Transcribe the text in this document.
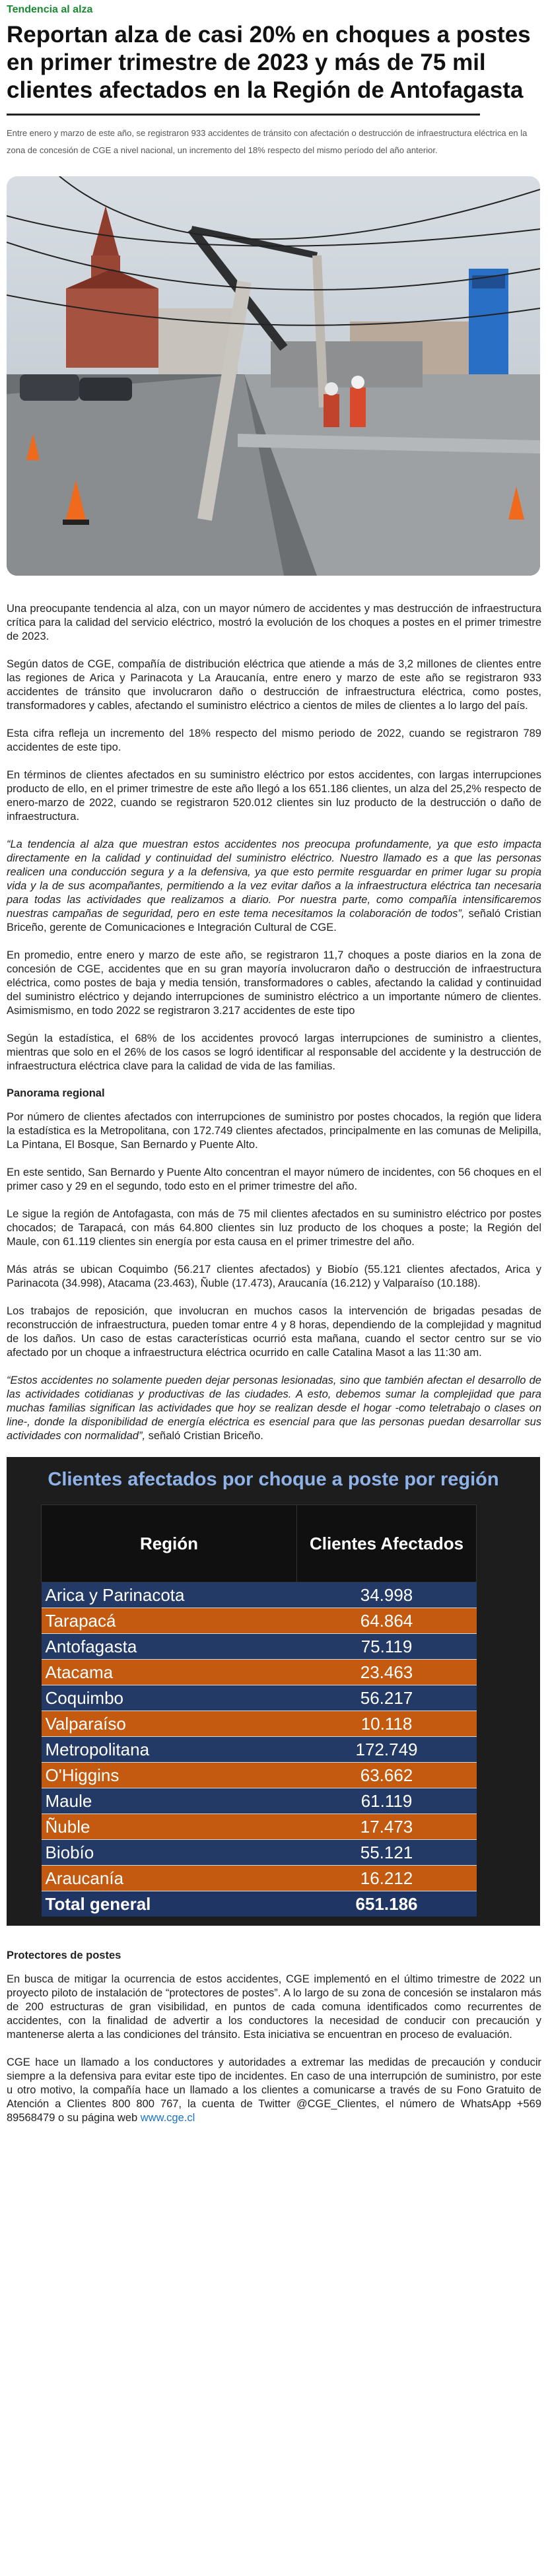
Tendencia al alza
Reportan alza de casi 20% en choques a postes en primer trimestre de 2023 y más de 75 mil clientes afectados en la Región de Antofagasta

Entre enero y marzo de este año, se registraron 933 accidentes de tránsito con afectación o destrucción de infraestructura eléctrica en la zona de concesión de CGE a nivel nacional, un incremento del 18% respecto del mismo período del año anterior.

Una preocupante tendencia al alza, con un mayor número de accidentes y mas destrucción de infraestructura crítica para la calidad del servicio eléctrico, mostró la evolución de los choques a postes en el primer trimestre de 2023.

Según datos de CGE, compañía de distribución eléctrica que atiende a más de 3,2 millones de clientes entre las regiones de Arica y Parinacota y La Araucanía, entre enero y marzo de este año se registraron 933 accidentes de tránsito que involucraron daño o destrucción de infraestructura eléctrica, como postes, transformadores y cables, afectando el suministro eléctrico a cientos de miles de clientes a lo largo del país.

Esta cifra refleja un incremento del 18% respecto del mismo periodo de 2022, cuando se registraron 789 accidentes de este tipo.

En términos de clientes afectados en su suministro eléctrico por estos accidentes, con largas interrupciones producto de ello, en el primer trimestre de este año llegó a los 651.186 clientes, un alza del 25,2% respecto de enero-marzo de 2022, cuando se registraron 520.012 clientes sin luz producto de la destrucción o daño de infraestructura.

“La tendencia al alza que muestran estos accidentes nos preocupa profundamente, ya que esto impacta directamente en la calidad y continuidad del suministro eléctrico. Nuestro llamado es a que las personas realicen una conducción segura y a la defensiva, ya que esto permite resguardar en primer lugar su propia vida y la de sus acompañantes, permitiendo a la vez evitar daños a la infraestructura eléctrica tan necesaria para todas las actividades que realizamos a diario. Por nuestra parte, como compañía intensificaremos nuestras campañas de seguridad, pero en este tema necesitamos la colaboración de todos”, señaló Cristian Briceño, gerente de Comunicaciones e Integración Cultural de CGE.

En promedio, entre enero y marzo de este año, se registraron 11,7 choques a poste diarios en la zona de concesión de CGE, accidentes que en su gran mayoría involucraron daño o destrucción de infraestructura eléctrica, como postes de baja y media tensión, transformadores o cables, afectando la calidad y continuidad del suministro eléctrico y dejando interrupciones de suministro eléctrico a un importante número de clientes. Asimismismo, en todo 2022 se registraron 3.217 accidentes de este tipo

Según la estadística, el 68% de los accidentes provocó largas interrupciones de suministro a clientes, mientras que solo en el 26% de los casos se logró identificar al responsable del accidente y la destrucción de infraestructura eléctrica clave para la calidad de vida de las familias.

Panorama regional

Por número de clientes afectados con interrupciones de suministro por postes chocados, la región que lidera la estadística es la Metropolitana, con 172.749 clientes afectados, principalmente en las comunas de Melipilla, La Pintana, El Bosque, San Bernardo y Puente Alto.

En este sentido, San Bernardo y Puente Alto concentran el mayor número de incidentes, con 56 choques en el primer caso y 29 en el segundo, todo esto en el primer trimestre del año.

Le sigue la región de Antofagasta, con más de 75 mil clientes afectados en su suministro eléctrico por postes chocados; de Tarapacá, con más 64.800 clientes sin luz producto de los choques a poste; la Región del Maule, con 61.119 clientes sin energía por esta causa en el primer trimestre del año.

Más atrás se ubican Coquimbo (56.217 clientes afectados) y Biobío (55.121 clientes afectados, Arica y Parinacota (34.998), Atacama (23.463), Ñuble (17.473), Araucanía (16.212) y Valparaíso (10.188).

Los trabajos de reposición, que involucran en muchos casos la intervención de brigadas pesadas de reconstrucción de infraestructura, pueden tomar entre 4 y 8 horas, dependiendo de la complejidad y magnitud de los daños. Un caso de estas características ocurrió esta mañana, cuando el sector centro sur se vio afectado por un choque a infraestructura eléctrica ocurrido en calle Catalina Masot a las 11:30 am.

“Estos accidentes no solamente pueden dejar personas lesionadas, sino que también afectan el desarrollo de las actividades cotidianas y productivas de las ciudades. A esto, debemos sumar la complejidad que para muchas familias significan las actividades que hoy se realizan desde el hogar -como teletrabajo o clases on line-, donde la disponibilidad de energía eléctrica es esencial para que las personas puedan desarrollar sus actividades con normalidad”, señaló Cristian Briceño.

Clientes afectados por choque a poste por región
Región	Clientes Afectados
Arica y Parinacota	34.998
Tarapacá	64.864
Antofagasta	75.119
Atacama	23.463
Coquimbo	56.217
Valparaíso	10.118
Metropolitana	172.749
O'Higgins	63.662
Maule	61.119
Ñuble	17.473
Biobío	55.121
Araucanía	16.212
Total general	651.186
Protectores de postes

En busca de mitigar la ocurrencia de estos accidentes, CGE implementó en el último trimestre de 2022 un proyecto piloto de instalación de “protectores de postes”. A lo largo de su zona de concesión se instalaron más de 200 estructuras de gran visibilidad, en puntos de cada comuna identificados como recurrentes de accidentes, con la finalidad de advertir a los conductores la necesidad de conducir con precaución y mantenerse alerta a las condiciones del tránsito. Esta iniciativa se encuentran en proceso de evaluación.

CGE hace un llamado a los conductores y autoridades a extremar las medidas de precaución y conducir siempre a la defensiva para evitar este tipo de incidentes. En caso de una interrupción de suministro, por este u otro motivo, la compañía hace un llamado a los clientes a comunicarse a través de su Fono Gratuito de Atención a Clientes 800 800 767, la cuenta de Twitter @CGE_Clientes, el número de WhatsApp +569 89568479 o su página web www.cge.cl
